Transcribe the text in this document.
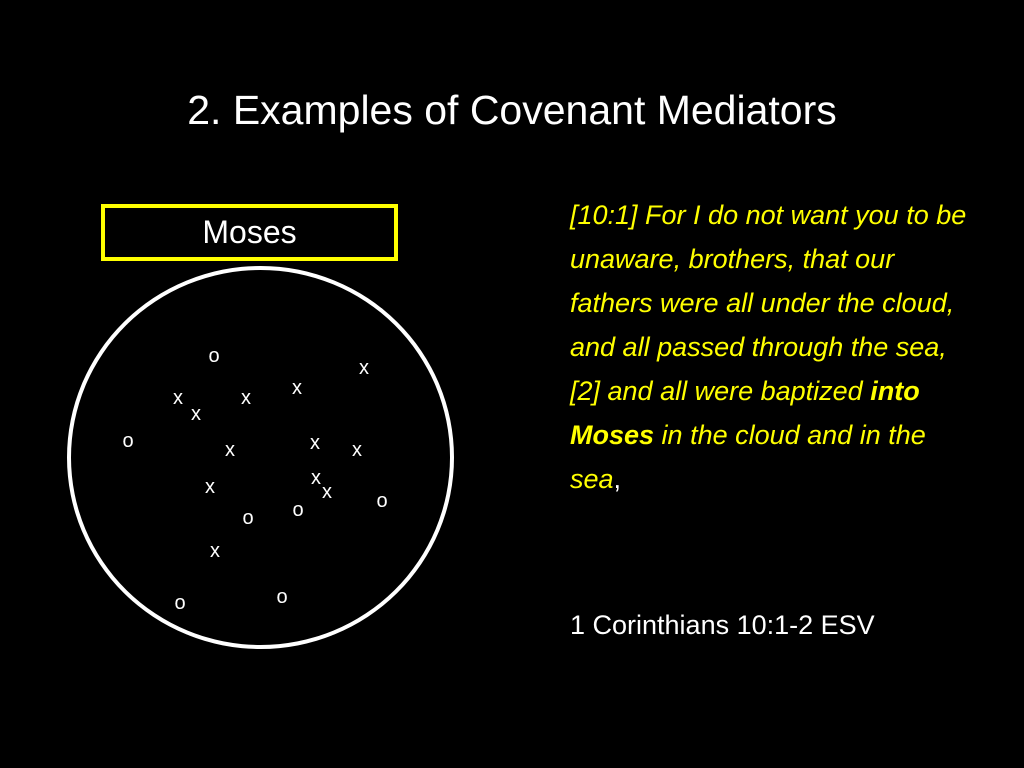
2. Examples of Covenant Mediators
Moses
o
x
x
x	x
x
o	x
x	x
x
x	x o
o
o
x
o
o
[10:1] For I do not want you to be unaware, brothers, that our fathers were all under the cloud, and all passed through the sea, [2] and all were baptized into Moses in the cloud and in the sea,
1 Corinthians 10:1-2 ESV
